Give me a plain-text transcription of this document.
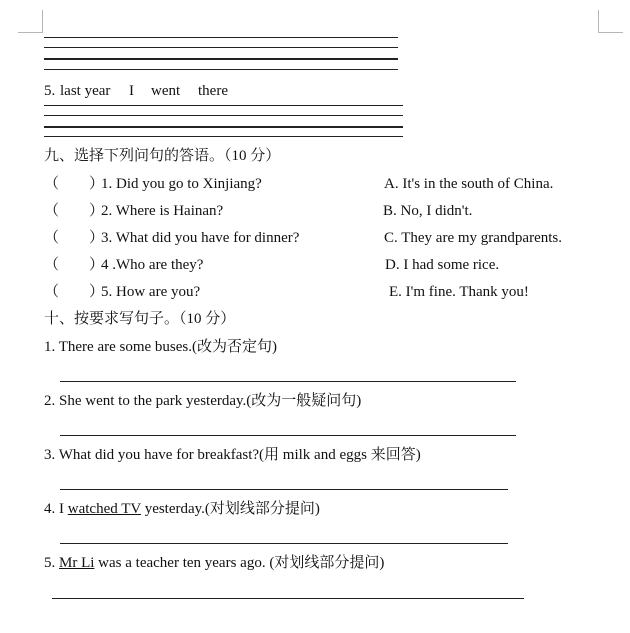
5. last year I went there
九、选择下列问句的答语。（10 分）
（　　）
1. Did you go to Xinjiang?	A. It's in the south of China.
（　　）
2. Where is Hainan?	B. No, I didn't.
（　　）
3. What did you have for dinner?	C. They are my grandparents.
（　　）
4 .Who are they?	D. I had some rice.
（　　）
5. How are you?	E. I'm fine. Thank you!
十、按要求写句子。（10 分）
1. There are some buses.(改为否定句)
2. She went to the park yesterday.(改为一般疑问句)
3. What did you have for breakfast?(用 milk and eggs 来回答)
4. I watched TV yesterday.(对划线部分提问)
5. Mr Li was a teacher ten years ago. (对划线部分提问)
